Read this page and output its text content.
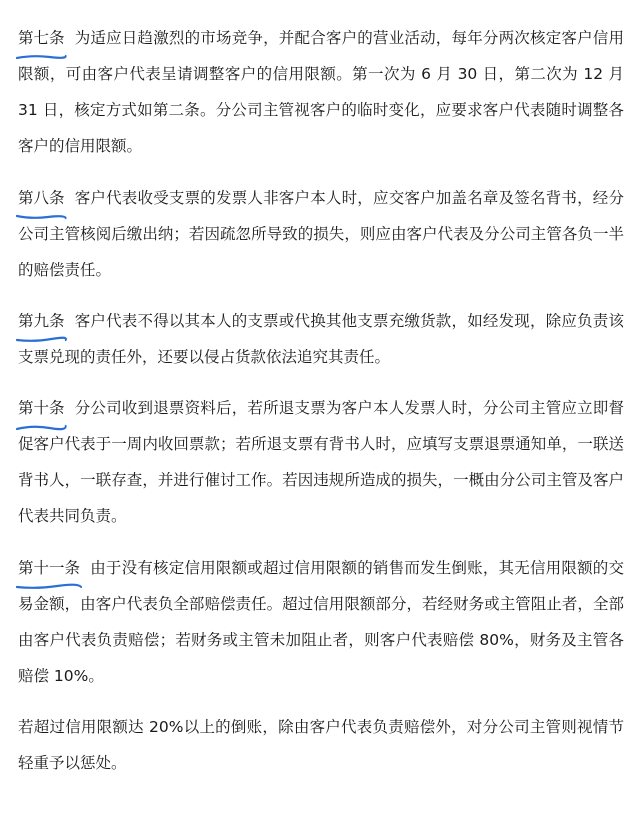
第七条 为适应日趋激烈的市场竞争，并配合客户的营业活动，每年分两次核定客户信用限额，可由客户代表呈请调整客户的信用限额。第一次为 6 月 30 日，第二次为 12 月 31 日，核定方式如第二条。分公司主管视客户的临时变化，应要求客户代表随时调整各客户的信用限额。

第八条 客户代表收受支票的发票人非客户本人时，应交客户加盖名章及签名背书，经分公司主管核阅后缴出纳；若因疏忽所导致的损失，则应由客户代表及分公司主管各负一半的赔偿责任。

第九条 客户代表不得以其本人的支票或代换其他支票充缴货款，如经发现，除应负责该支票兑现的责任外，还要以侵占货款依法追究其责任。

第十条 分公司收到退票资料后，若所退支票为客户本人发票人时，分公司主管应立即督促客户代表于一周内收回票款；若所退支票有背书人时，应填写支票退票通知单，一联送背书人，一联存查，并进行催讨工作。若因违规所造成的损失，一概由分公司主管及客户代表共同负责。

第十一条 由于没有核定信用限额或超过信用限额的销售而发生倒账，其无信用限额的交易金额，由客户代表负全部赔偿责任。超过信用限额部分，若经财务或主管阻止者，全部由客户代表负责赔偿；若财务或主管未加阻止者，则客户代表赔偿 80%，财务及主管各赔偿 10%。

若超过信用限额达 20%以上的倒账，除由客户代表负责赔偿外，对分公司主管则视情节轻重予以惩处。
